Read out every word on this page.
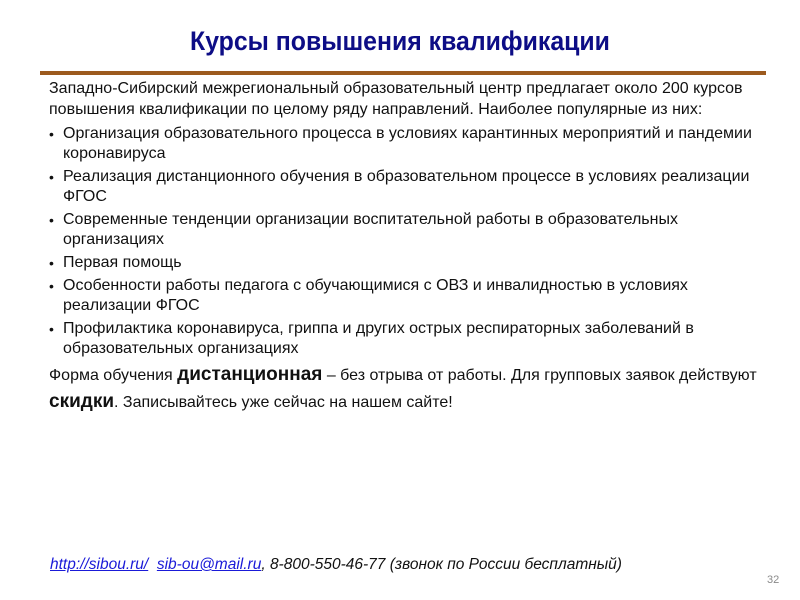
Курсы повышения квалификации

Западно-Сибирский межрегиональный образовательный центр предлагает около 200 курсов повышения квалификации по целому ряду направлений. Наиболее популярные из них:

• Организация образовательного процесса в условиях карантинных мероприятий и пандемии коронавируса
• Реализация дистанционного обучения в образовательном процессе в условиях реализации ФГОС
• Современные тенденции организации воспитательной работы в образовательных организациях
• Первая помощь
• Особенности работы педагога с обучающимися с ОВЗ и инвалидностью в условиях реализации ФГОС
• Профилактика коронавируса, гриппа и других острых респираторных заболеваний в образовательных организациях

Форма обучения дистанционная – без отрыва от работы. Для групповых заявок действуют скидки. Записывайтесь уже сейчас на нашем сайте!

http://sibou.ru/ sib-ou@mail.ru, 8-800-550-46-77 (звонок по России бесплатный)
32
